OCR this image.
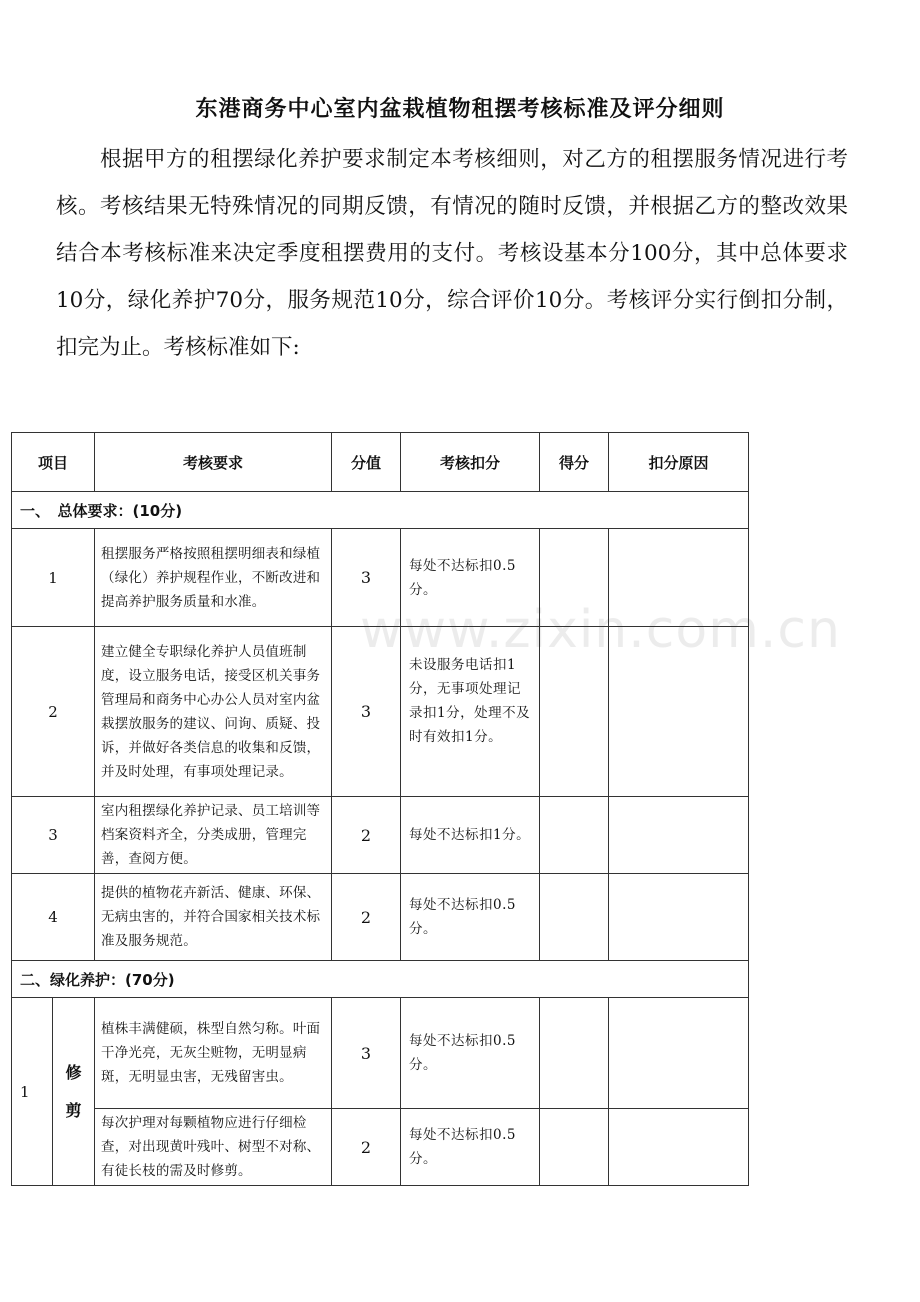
东港商务中心室内盆栽植物租摆考核标准及评分细则
根据甲方的租摆绿化养护要求制定本考核细则，对乙方的租摆服务情况进行考核。考核结果无特殊情况的同期反馈，有情况的随时反馈，并根据乙方的整改效果结合本考核标准来决定季度租摆费用的支付。考核设基本分100分，其中总体要求10分，绿化养护70分，服务规范10分，综合评价10分。考核评分实行倒扣分制，扣完为止。考核标准如下:
www.zixin.com.cn
项目		考核要求	分值	考核扣分	得分	扣分原因
一、　总体要求：(10分)						
1		租摆服务严格按照租摆明细表和绿植（绿化）养护规程作业，不断改进和提高养护服务质量和水准。	3	每处不达标扣0.5分。		
2		建立健全专职绿化养护人员值班制度，设立服务电话，接受区机关事务管理局和商务中心办公人员对室内盆栽摆放服务的建议、问询、质疑、投诉，并做好各类信息的收集和反馈，并及时处理，有事项处理记录。	3	未设服务电话扣1分，无事项处理记录扣1分，处理不及时有效扣1分。		
3		室内租摆绿化养护记录、员工培训等档案资料齐全，分类成册，管理完善，查阅方便。	2	每处不达标扣1分。		
4		提供的植物花卉新活、健康、环保、无病虫害的，并符合国家相关技术标准及服务规范。	2	每处不达标扣0.5分。		
二、绿化养护：(70分)						
1	修剪	植株丰满健硕，株型自然匀称。叶面干净光亮，无灰尘赃物，无明显病斑，无明显虫害，无残留害虫。	3	每处不达标扣0.5分。		
		每次护理对每颗植物应进行仔细检查，对出现黄叶残叶、树型不对称、有徒长枝的需及时修剪。	2	每处不达标扣0.5分。		
